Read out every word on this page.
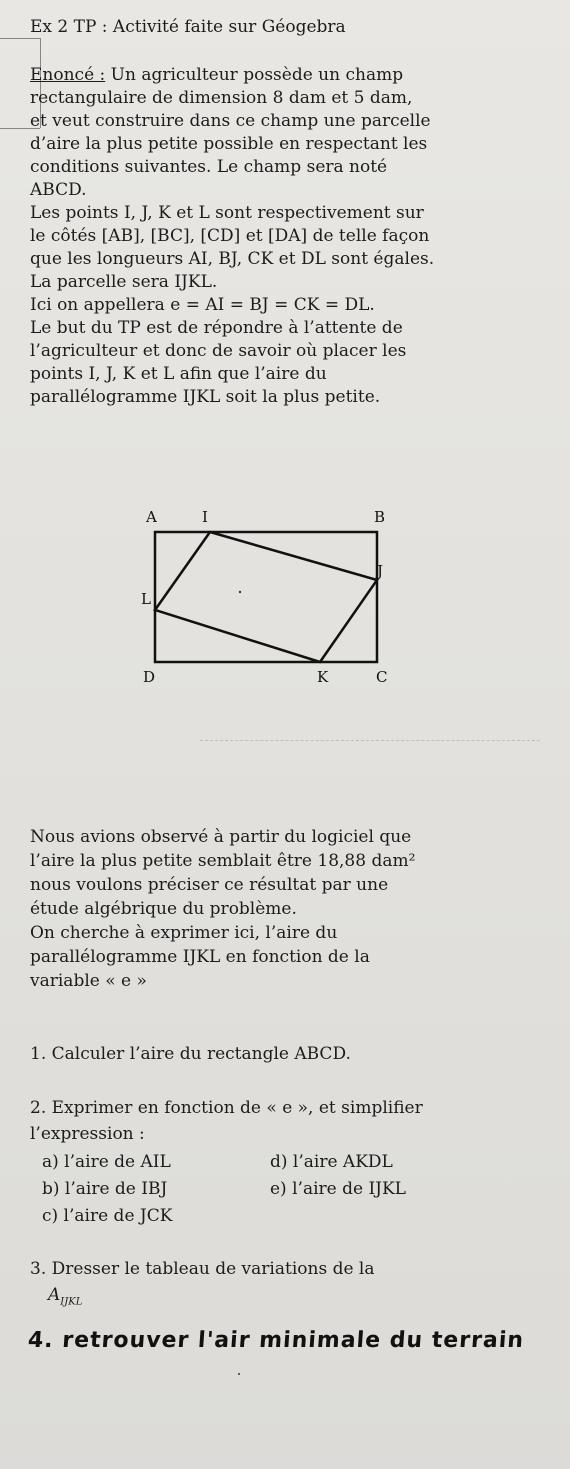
Ex 2 TP : Activité faite sur Géogebra
Enoncé : Un agriculteur possède un champ
rectangulaire de dimension 8 dam et 5 dam,
et veut construire dans ce champ une parcelle
d’aire la plus petite possible en respectant les
conditions suivantes. Le champ sera noté
ABCD.
Les points I, J, K et L sont respectivement sur
le côtés [AB], [BC], [CD] et [DA] de telle façon
que les longueurs AI, BJ, CK et DL sont égales.
La parcelle sera IJKL.
Ici on appellera e = AI = BJ = CK = DL.
Le but du TP est de répondre à l’attente de
l’agriculteur et donc de savoir où placer les
points I, J, K et L afin que l’aire du
parallélogramme IJKL soit la plus petite.
A	I	B
J
L
D	K	C
Nous avions observé à partir du logiciel que
l’aire la plus petite semblait être 18,88 dam²
nous voulons préciser ce résultat par une
étude algébrique du problème.
On cherche à exprimer ici, l’aire du
parallélogramme IJKL en fonction de la
variable « e »
1. Calculer l’aire du rectangle ABCD.
2. Exprimer en fonction de « e », et simplifier
l’expression :
a) l’aire de AIL
b) l’aire de IBJ
c) l’aire de JCK
d) l’aire AKDL
e) l’aire de IJKL
3. Dresser le tableau de variations de la
$A_{IJKL}$
4. retrouver l'air minimale du terrain
